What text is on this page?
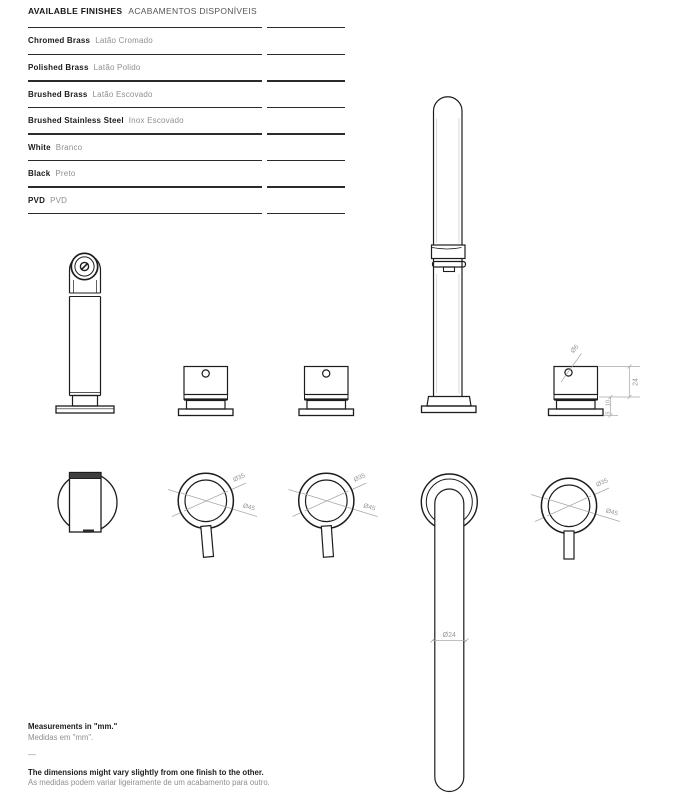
AVAILABLE FINISHES ACABAMENTOS DISPONÍVEIS
Chromed Brass Latão Cromado
Polished Brass Latão Polido
Brushed Brass Latão Escovado
Brushed Stainless Steel Inox Escovado
White Branco
Black Preto
PVD PVD
Ø6
24
10
5
Ø35
Ø45
Ø35
Ø45
Ø24
Ø35
Ø45
Measurements in "mm."
Medidas em "mm".
—
The dimensions might vary slightly from one finish to the other.
As medidas podem variar ligeiramente de um acabamento para outro.
